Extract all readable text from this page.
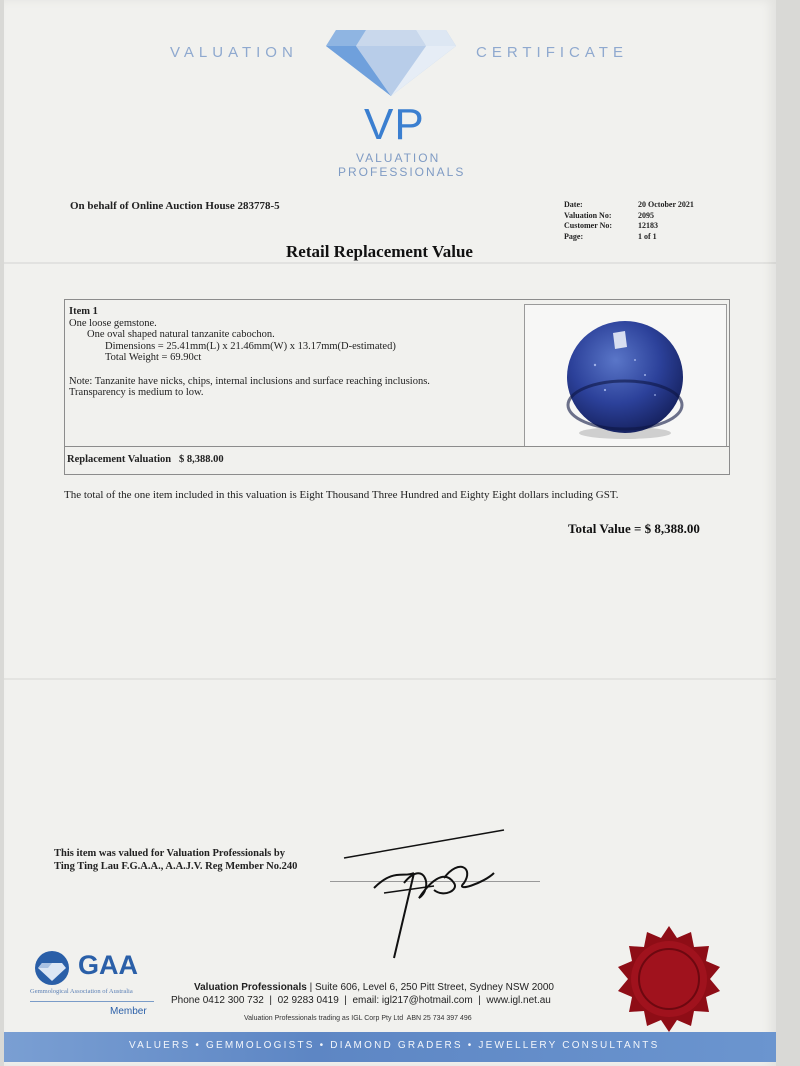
VALUATION	CERTIFICATE
VP
VALUATION
PROFESSIONALS
On behalf of Online Auction House 283778-5	Date:	20 October 2021
Valuation No:	2095
Customer No:	12183
Page:	1 of 1
Retail Replacement Value
Item 1
One loose gemstone.
One oval shaped natural tanzanite cabochon.
Dimensions = 25.41mm(L) x 21.46mm(W) x 13.17mm(D-estimated)
Total Weight = 69.90ct
Note: Tanzanite have nicks, chips, internal inclusions and surface reaching inclusions.
Transparency is medium to low.
Replacement Valuation   $ 8,388.00
The total of the one item included in this valuation is Eight Thousand Three Hundred and Eighty Eight dollars including GST.
Total Value = $ 8,388.00
This item was valued for Valuation Professionals by
Ting Ting Lau F.G.A.A., A.A.J.V. Reg Member No.240
GAA
Gemmological Association of Australia
Member
Valuation Professionals | Suite 606, Level 6, 250 Pitt Street, Sydney NSW 2000
Phone 0412 300 732  |  02 9283 0419  |  email: igl217@hotmail.com  |  www.igl.net.au
Valuation Professionals trading as IGL Corp Pty Ltd  ABN 25 734 397 496
VALUERS • GEMMOLOGISTS • DIAMOND GRADERS • JEWELLERY CONSULTANTS
